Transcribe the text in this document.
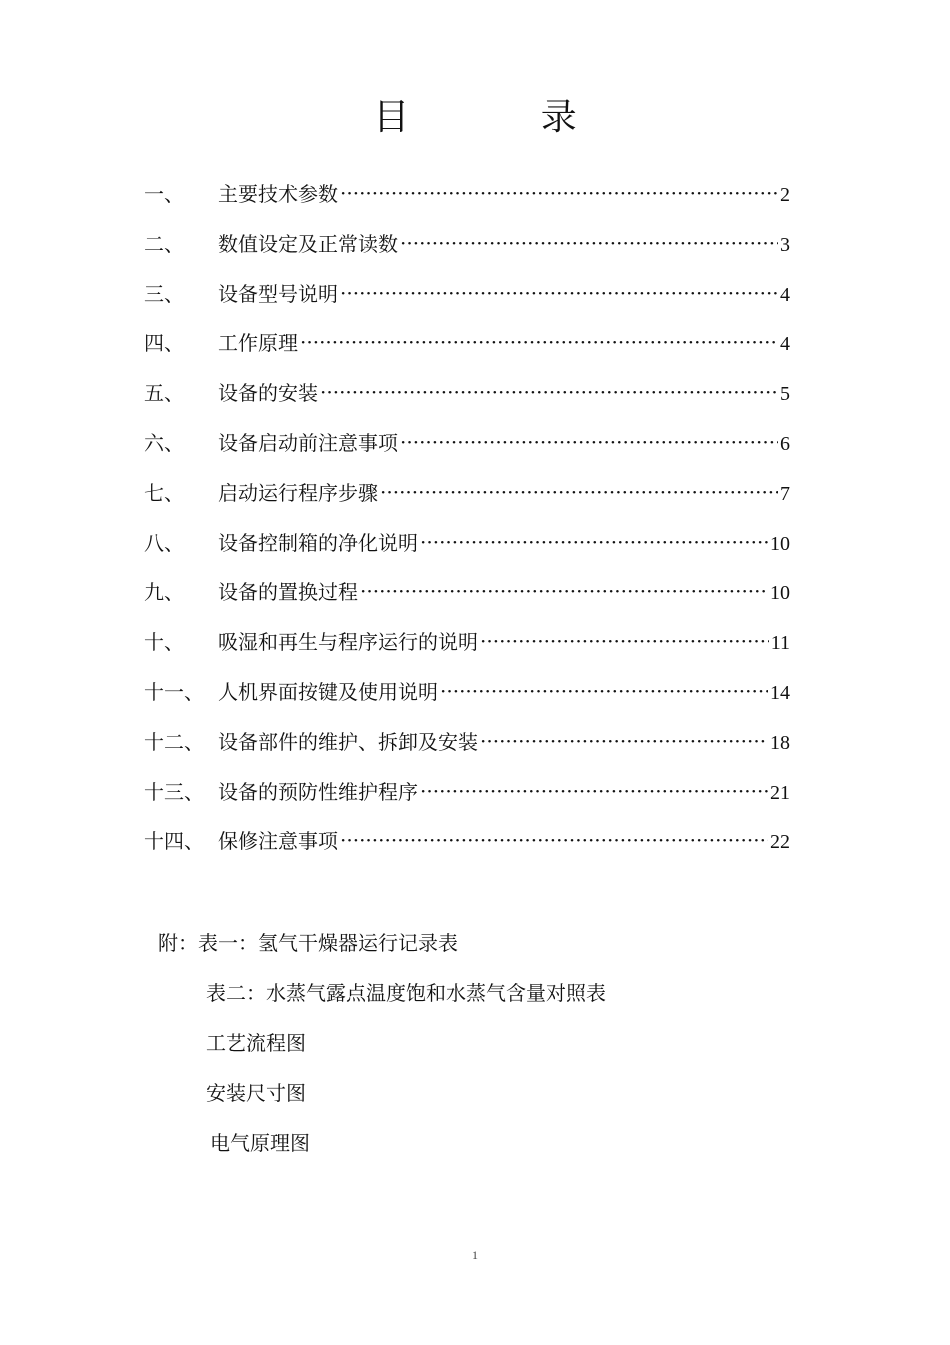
目 录
一、	主要技术参数 ·····	2
二、	数值设定及正常读数 ·····	3
三、	设备型号说明 ·····	4
四、	工作原理 ·····	4
五、	设备的安装 ·····	5
六、	设备启动前注意事项 ·····	6
七、	启动运行程序步骤 ·····	7
八、	设备控制箱的净化说明 ·····	10
九、	设备的置换过程 ·····	10
十、	吸湿和再生与程序运行的说明 ·····	11
十一、 人机界面按键及使用说明 ·····	14
十二、 设备部件的维护、拆卸及安装 ·····	18
十三、 设备的预防性维护程序 ·····	21
十四、 保修注意事项 ·····	22
附：表一：氢气干燥器运行记录表
表二：水蒸气露点温度饱和水蒸气含量对照表
工艺流程图
安装尺寸图
电气原理图
1
